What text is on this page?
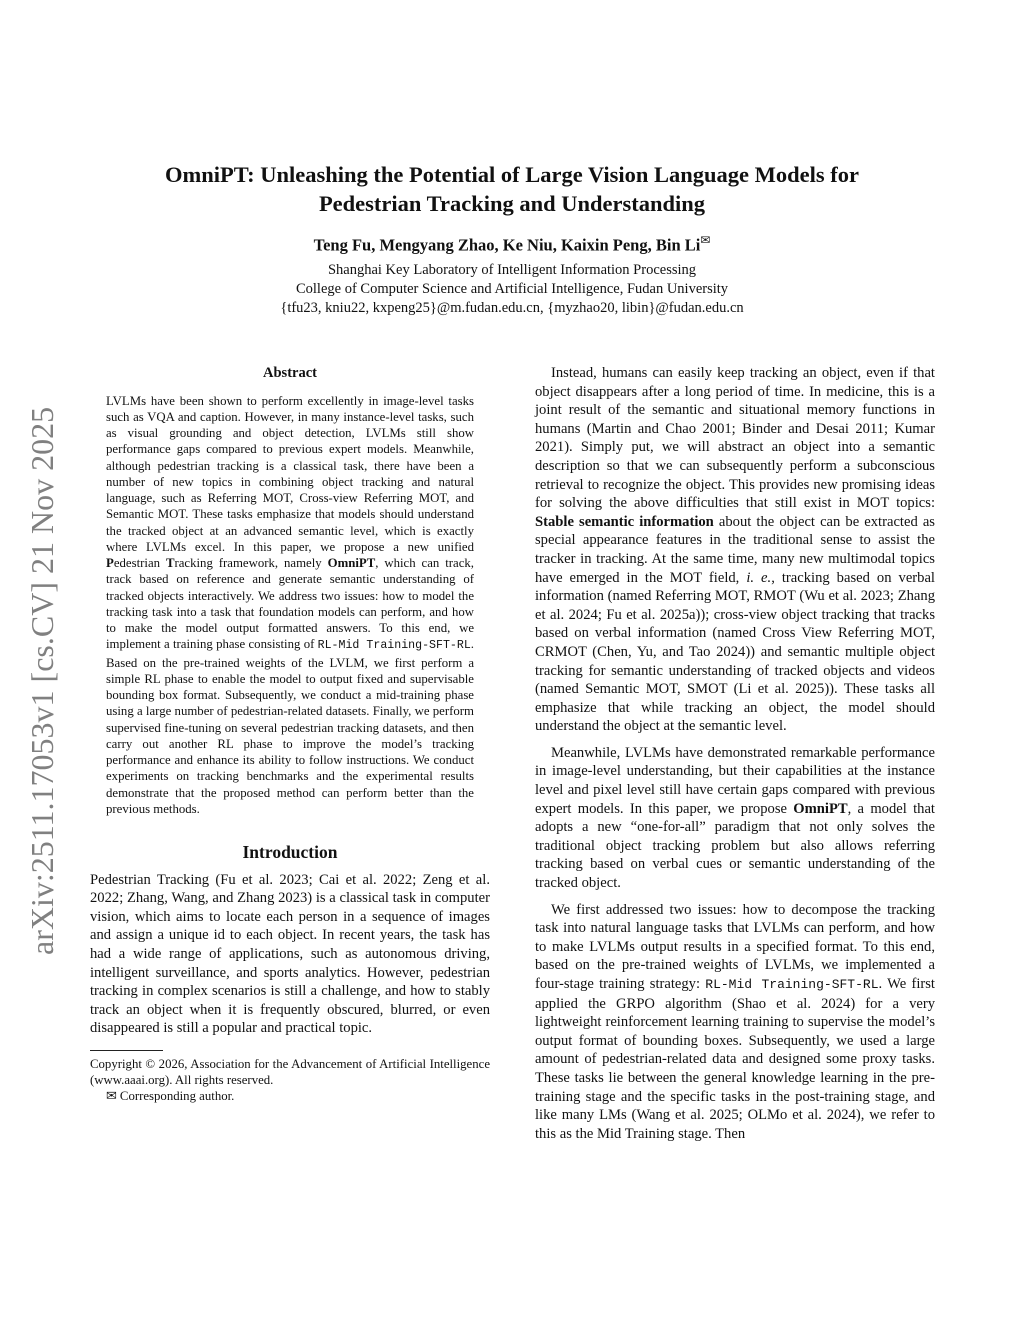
arXiv:2511.17053v1 [cs.CV] 21 Nov 2025
OmniPT: Unleashing the Potential of Large Vision Language Models for
Pedestrian Tracking and Understanding
Teng Fu, Mengyang Zhao, Ke Niu, Kaixin Peng, Bin Li✉
Shanghai Key Laboratory of Intelligent Information Processing
College of Computer Science and Artificial Intelligence, Fudan University
{tfu23, kniu22, kxpeng25}@m.fudan.edu.cn, {myzhao20, libin}@fudan.edu.cn
Abstract

LVLMs have been shown to perform excellently in image-level tasks such as VQA and caption. However, in many instance-level tasks, such as visual grounding and object detection, LVLMs still show performance gaps compared to previous expert models. Meanwhile, although pedestrian tracking is a classical task, there have been a number of new topics in combining object tracking and natural language, such as Referring MOT, Cross-view Referring MOT, and Semantic MOT. These tasks emphasize that models should understand the tracked object at an advanced semantic level, which is exactly where LVLMs excel. In this paper, we propose a new unified Pedestrian Tracking framework, namely OmniPT, which can track, track based on reference and generate semantic understanding of tracked objects interactively. We address two issues: how to model the tracking task into a task that foundation models can perform, and how to make the model output formatted answers. To this end, we implement a training phase consisting of RL-Mid Training-SFT-RL. Based on the pre-trained weights of the LVLM, we first perform a simple RL phase to enable the model to output fixed and supervisable bounding box format. Subsequently, we conduct a mid-training phase using a large number of pedestrian-related datasets. Finally, we perform supervised fine-tuning on several pedestrian tracking datasets, and then carry out another RL phase to improve the model’s tracking performance and enhance its ability to follow instructions. We conduct experiments on tracking benchmarks and the experimental results demonstrate that the proposed method can perform better than the previous methods.

Introduction

Pedestrian Tracking (Fu et al. 2023; Cai et al. 2022; Zeng et al. 2022; Zhang, Wang, and Zhang 2023) is a classical task in computer vision, which aims to locate each person in a sequence of images and assign a unique id to each object. In recent years, the task has had a wide range of applications, such as autonomous driving, intelligent surveillance, and sports analytics. However, pedestrian tracking in complex scenarios is still a challenge, and how to stably track an object when it is frequently obscured, blurred, or even disappeared is still a popular and practical topic.

Copyright © 2026, Association for the Advancement of Artificial Intelligence (www.aaai.org). All rights reserved.
✉ Corresponding author.

Instead, humans can easily keep tracking an object, even if that object disappears after a long period of time. In medicine, this is a joint result of the semantic and situational memory functions in humans (Martin and Chao 2001; Binder and Desai 2011; Kumar 2021). Simply put, we will abstract an object into a semantic description so that we can subsequently perform a subconscious retrieval to recognize the object. This provides new promising ideas for solving the above difficulties that still exist in MOT topics: Stable semantic information about the object can be extracted as special appearance features in the traditional sense to assist the tracker in tracking. At the same time, many new multimodal topics have emerged in the MOT field, i. e., tracking based on verbal information (named Referring MOT, RMOT (Wu et al. 2023; Zhang et al. 2024; Fu et al. 2025a)); cross-view object tracking that tracks based on verbal information (named Cross View Referring MOT, CRMOT (Chen, Yu, and Tao 2024)) and semantic multiple object tracking for semantic understanding of tracked objects and videos (named Semantic MOT, SMOT (Li et al. 2025)). These tasks all emphasize that while tracking an object, the model should understand the object at the semantic level.

Meanwhile, LVLMs have demonstrated remarkable performance in image-level understanding, but their capabilities at the instance level and pixel level still have certain gaps compared with previous expert models. In this paper, we propose OmniPT, a model that adopts a new “one-for-all” paradigm that not only solves the traditional object tracking problem but also allows referring tracking based on verbal cues or semantic understanding of the tracked object.

We first addressed two issues: how to decompose the tracking task into natural language tasks that LVLMs can perform, and how to make LVLMs output results in a specified format. To this end, based on the pre-trained weights of LVLMs, we implemented a four-stage training strategy: RL-Mid Training-SFT-RL. We first applied the GRPO algorithm (Shao et al. 2024) for a very lightweight reinforcement learning training to supervise the model’s output format of bounding boxes. Subsequently, we used a large amount of pedestrian-related data and designed some proxy tasks. These tasks lie between the general knowledge learning in the pre-training stage and the specific tasks in the post-training stage, and like many LMs (Wang et al. 2025; OLMo et al. 2024), we refer to this as the Mid Training stage. Then
